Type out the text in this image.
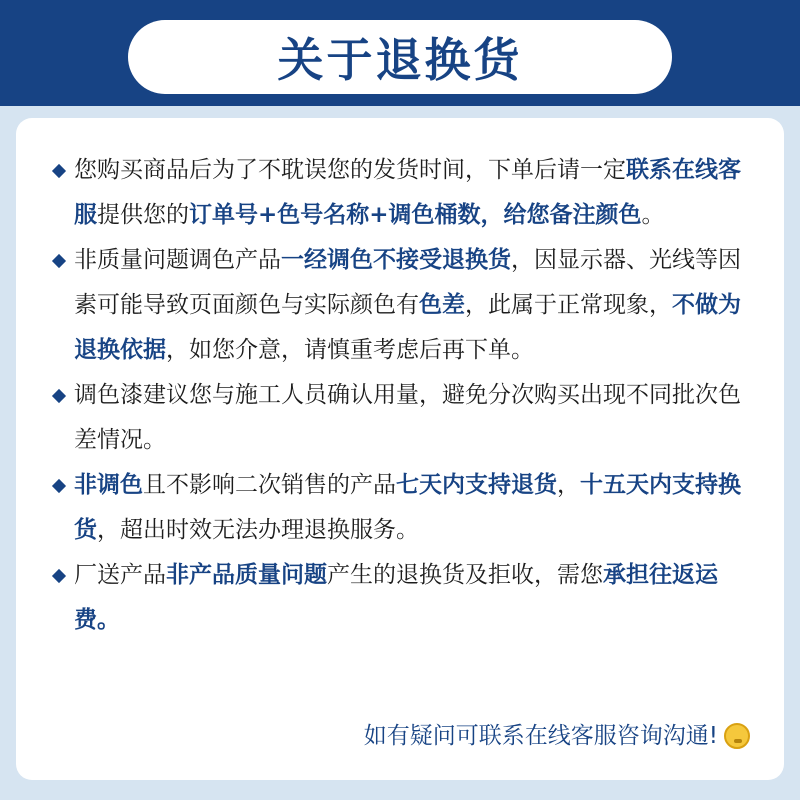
关于退换货
您购买商品后为了不耽误您的发货时间，下单后请一定联系在线客服提供您的订单号+色号名称+调色桶数，给您备注颜色。
非质量问题调色产品一经调色不接受退换货，因显示器、光线等因素可能导致页面颜色与实际颜色有色差，此属于正常现象，不做为退换依据，如您介意，请慎重考虑后再下单。
调色漆建议您与施工人员确认用量，避免分次购买出现不同批次色差情况。
非调色且不影响二次销售的产品七天内支持退货，十五天内支持换货，超出时效无法办理退换服务。
厂送产品非产品质量问题产生的退换货及拒收，需您承担往返运费。
如有疑问可联系在线客服咨询沟通!
